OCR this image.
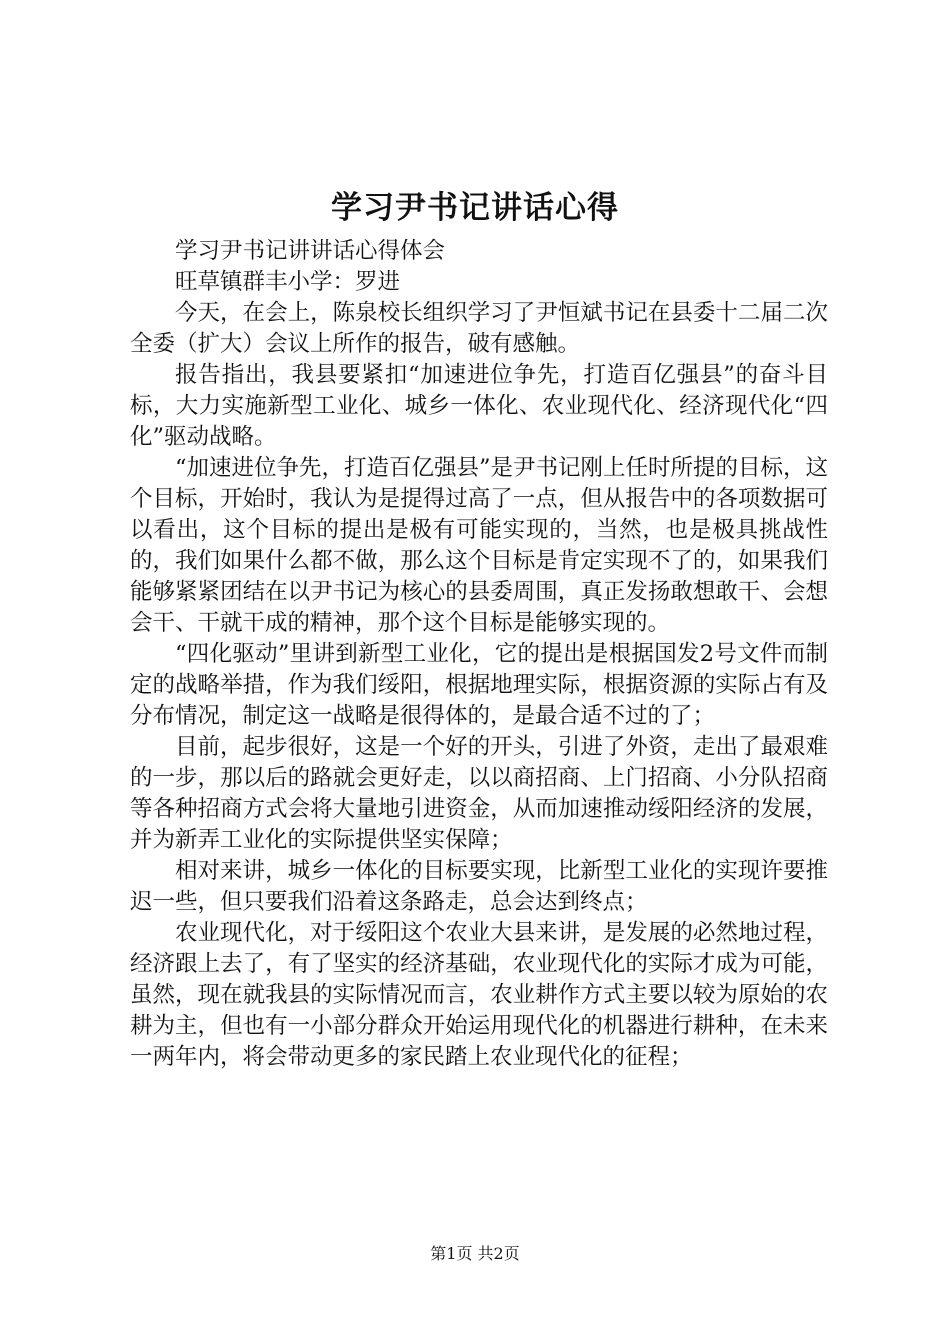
学习尹书记讲话心得

学习尹书记讲讲话心得体会

旺草镇群丰小学：罗进

今天，在会上，陈泉校长组织学习了尹恒斌书记在县委十二届二次全委（扩大）会议上所作的报告，破有感触。

报告指出，我县要紧扣“加速进位争先，打造百亿强县”的奋斗目标，大力实施新型工业化、城乡一体化、农业现代化、经济现代化“四化”驱动战略。

“加速进位争先，打造百亿强县”是尹书记刚上任时所提的目标，这个目标，开始时，我认为是提得过高了一点，但从报告中的各项数据可以看出，这个目标的提出是极有可能实现的，当然，也是极具挑战性的，我们如果什么都不做，那么这个目标是肯定实现不了的，如果我们能够紧紧团结在以尹书记为核心的县委周围，真正发扬敢想敢干、会想会干、干就干成的精神，那个这个目标是能够实现的。

“四化驱动”里讲到新型工业化，它的提出是根据国发2号文件而制定的战略举措，作为我们绥阳，根据地理实际，根据资源的实际占有及分布情况，制定这一战略是很得体的，是最合适不过的了；

目前，起步很好，这是一个好的开头，引进了外资，走出了最艰难的一步，那以后的路就会更好走，以以商招商、上门招商、小分队招商等各种招商方式会将大量地引进资金，从而加速推动绥阳经济的发展，并为新弄工业化的实际提供坚实保障；

相对来讲，城乡一体化的目标要实现，比新型工业化的实现许要推迟一些，但只要我们沿着这条路走，总会达到终点；

农业现代化，对于绥阳这个农业大县来讲，是发展的必然地过程，经济跟上去了，有了坚实的经济基础，农业现代化的实际才成为可能，虽然，现在就我县的实际情况而言，农业耕作方式主要以较为原始的农耕为主，但也有一小部分群众开始运用现代化的机器进行耕种，在未来一两年内，将会带动更多的家民踏上农业现代化的征程；

第1页 共2页
